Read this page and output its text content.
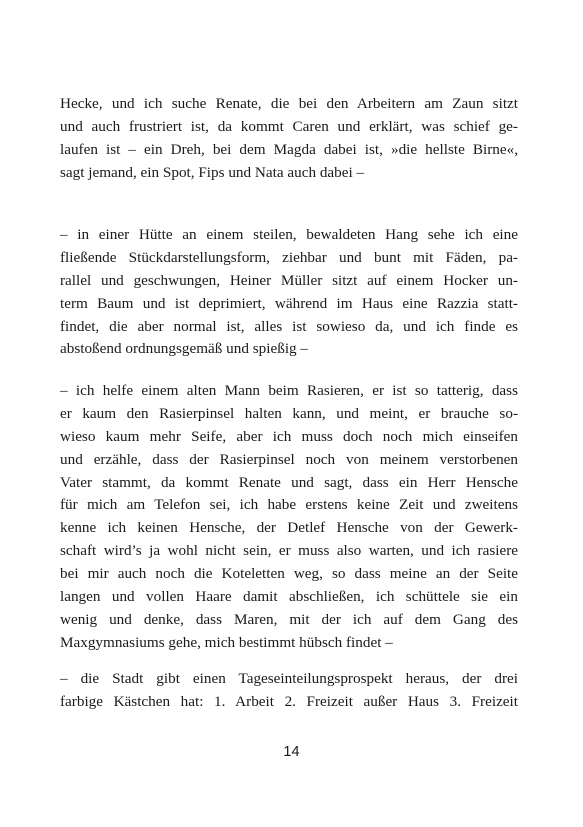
Hecke, und ich suche Renate, die bei den Arbeitern am Zaun sitzt
und auch frustriert ist, da kommt Caren und erklärt, was schief ge-
laufen ist – ein Dreh, bei dem Magda dabei ist, »die hellste Birne«,
sagt jemand, ein Spot, Fips und Nata auch dabei –

– in einer Hütte an einem steilen, bewaldeten Hang sehe ich eine
fließende Stückdarstellungsform, ziehbar und bunt mit Fäden, pa-
rallel und geschwungen, Heiner Müller sitzt auf einem Hocker un-
term Baum und ist deprimiert, während im Haus eine Razzia statt-
findet, die aber normal ist, alles ist sowieso da, und ich finde es
abstoßend ordnungsgemäß und spießig –

– ich helfe einem alten Mann beim Rasieren, er ist so tatterig, dass
er kaum den Rasierpinsel halten kann, und meint, er brauche so-
wieso kaum mehr Seife, aber ich muss doch noch mich einseifen
und erzähle, dass der Rasierpinsel noch von meinem verstorbenen
Vater stammt, da kommt Renate und sagt, dass ein Herr Hensche
für mich am Telefon sei, ich habe erstens keine Zeit und zweitens
kenne ich keinen Hensche, der Detlef Hensche von der Gewerk-
schaft wird’s ja wohl nicht sein, er muss also warten, und ich rasiere
bei mir auch noch die Koteletten weg, so dass meine an der Seite
langen und vollen Haare damit abschließen, ich schüttele sie ein
wenig und denke, dass Maren, mit der ich auf dem Gang des
Maxgymnasiums gehe, mich bestimmt hübsch findet –

– die Stadt gibt einen Tageseinteilungsprospekt heraus, der drei
farbige Kästchen hat: 1. Arbeit 2. Freizeit außer Haus 3. Freizeit

14
